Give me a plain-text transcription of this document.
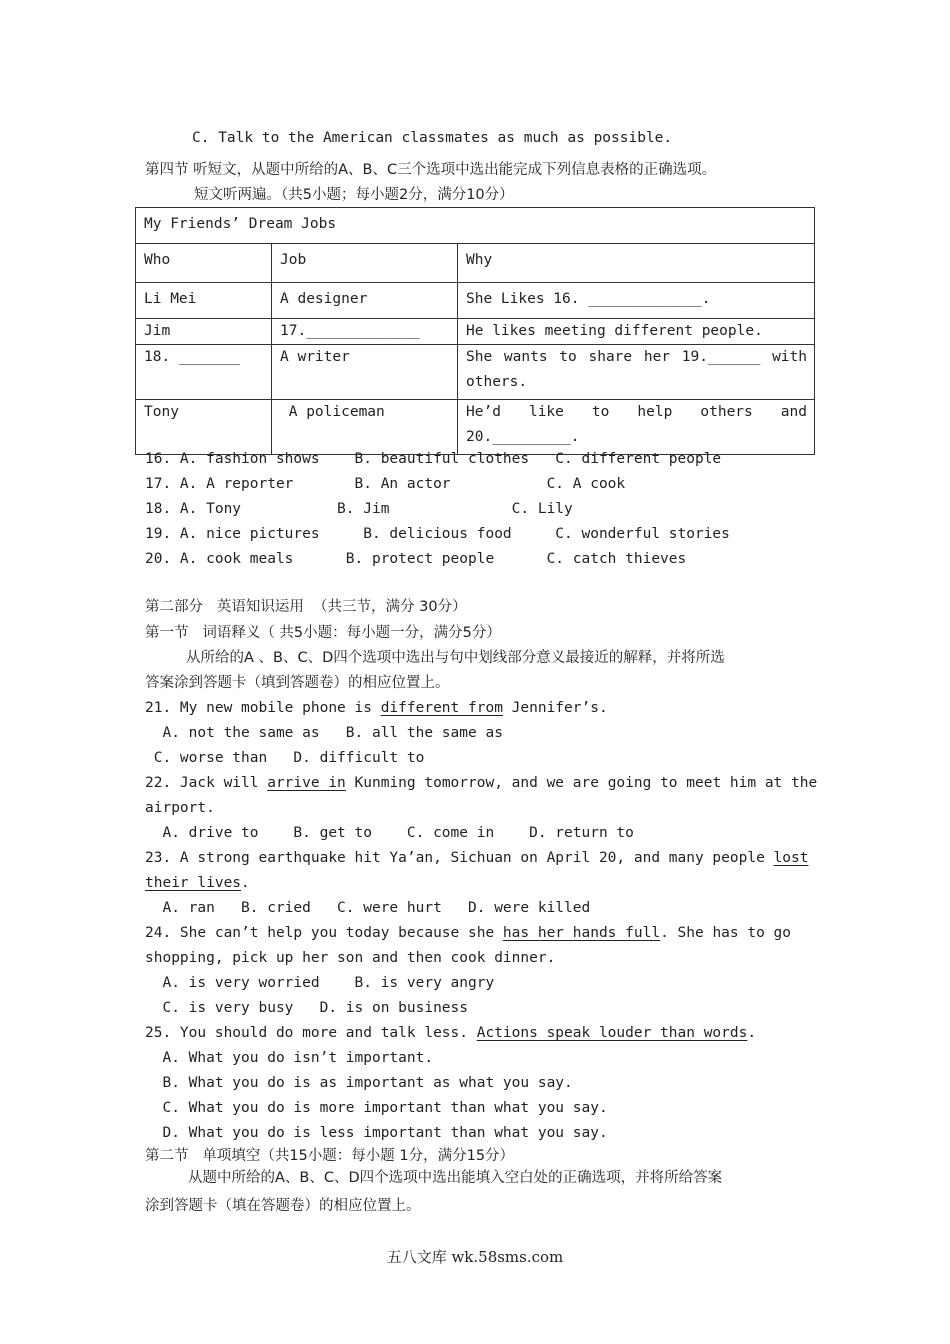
C. Talk to the American classmates as much as possible.
第四节 听短文，从题中所给的A、B、C三个选项中选出能完成下列信息表格的正确选项。
短文听两遍。（共5小题；每小题2分，满分10分）
My Friends’ Dream Jobs		
Who	Job	Why
Li Mei	A designer	She Likes 16. _____________.
Jim	17._____________	He likes meeting different people.
18. _______	A writer	She wants to share her 19.______ with others.
Tony	A policeman	He’d like to help others and 20._________.
16. A. fashion shows    B. beautiful clothes   C. different people
17. A. A reporter       B. An actor           C. A cook
18. A. Tony           B. Jim              C. Lily
19. A. nice pictures     B. delicious food     C. wonderful stories
20. A. cook meals      B. protect people      C. catch thieves
第二部分   英语知识运用  （共三节，满分 30分）
第一节   词语释义（ 共5小题：每小题一分，满分5分）
从所给的A 、B、C、D四个选项中选出与句中划线部分意义最接近的解释，并将所选
答案涂到答题卡（填到答题卷）的相应位置上。
21. My new mobile phone is different from Jennifer’s.
A. not the same as   B. all the same as
C. worse than   D. difficult to
22. Jack will arrive in Kunming tomorrow, and we are going to meet him at the
airport.
A. drive to    B. get to    C. come in    D. return to
23. A strong earthquake hit Ya’an, Sichuan on April 20, and many people lost
their lives.
A. ran   B. cried   C. were hurt   D. were killed
24. She can’t help you today because she has her hands full. She has to go
shopping, pick up her son and then cook dinner.
A. is very worried    B. is very angry
C. is very busy   D. is on business
25. You should do more and talk less. Actions speak louder than words.
A. What you do isn’t important.
B. What you do is as important as what you say.
C. What you do is more important than what you say.
D. What you do is less important than what you say.
第二节   单项填空（共15小题：每小题 1分，满分15分）
从题中所给的A、B、C、D四个选项中选出能填入空白处的正确选项，并将所给答案
涂到答题卡（填在答题卷）的相应位置上。
五八文库 wk.58sms.com
